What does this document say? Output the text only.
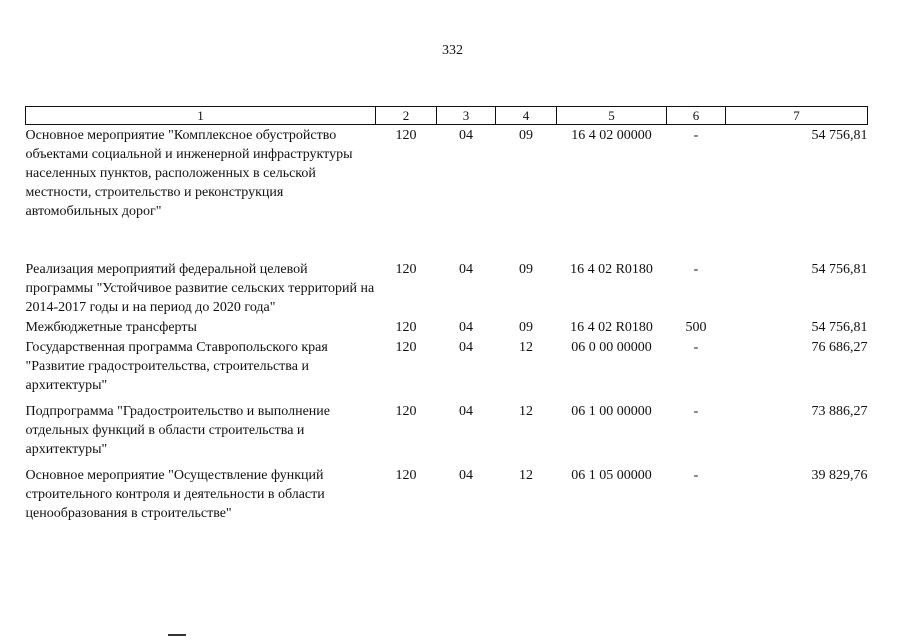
332
1	2	3	4	5	6	7
Основное мероприятие "Комплексное обустройство объектами социальной и инженерной инфраструктуры населенных пунктов, расположенных в сельской местности, строительство и реконструкция автомобильных дорог"	120	04	09	16 4 02 00000	-	54 756,81
Реализация мероприятий федеральной целевой программы "Устойчивое развитие сельских территорий на 2014-2017 годы и на период до 2020 года"	120	04	09	16 4 02 R0180	-	54 756,81
Межбюджетные трансферты	120	04	09	16 4 02 R0180	500	54 756,81
Государственная программа Ставропольского края "Развитие градостроительства, строительства и архитектуры"	120	04	12	06 0 00 00000	-	76 686,27
Подпрограмма "Градостроительство и выполнение отдельных функций в области строительства и архитектуры"	120	04	12	06 1 00 00000	-	73 886,27
Основное мероприятие "Осуществление функций строительного контроля и деятельности в области ценообразования в строительстве"	120	04	12	06 1 05 00000	-	39 829,76
